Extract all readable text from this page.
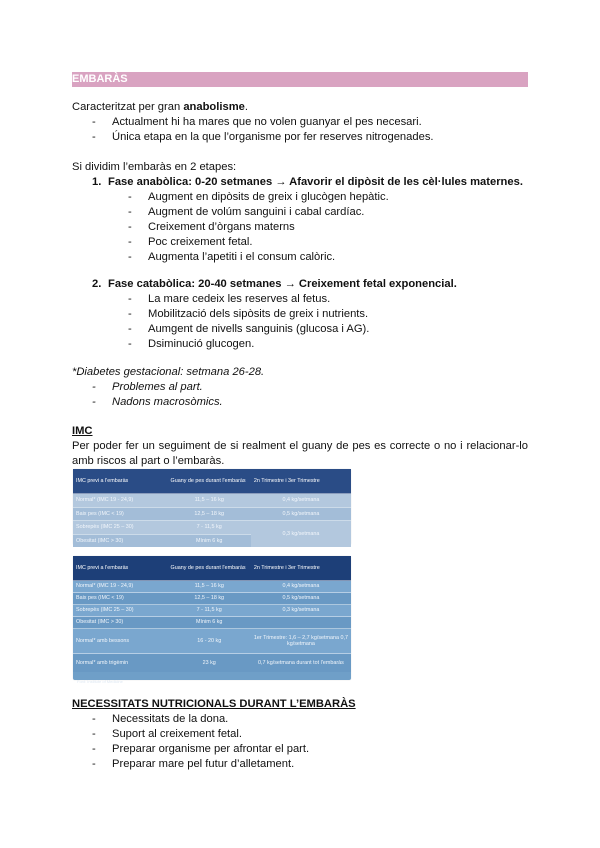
EMBARÀS
Caracteritzat per gran anabolisme.
- Actualment hi ha mares que no volen guanyar el pes necesari.
- Única etapa en la que l’organisme por fer reserves nitrogenades.
Si dividim l’embaràs en 2 etapes:
1. Fase anabòlica: 0-20 setmanes → Afavorir el dipòsit de les cèl·lules maternes.
- Augment en dipòsits de greix i glucògen hepàtic.
- Augment de volúm sanguini i cabal cardíac.
- Creixement d’òrgans materns
- Poc creixement fetal.
- Augmenta l’apetiti i el consum calòric.
2. Fase catabòlica: 20-40 setmanes → Creixement fetal exponencial.
- La mare cedeix les reserves al fetus.
- Mobilització dels sipòsits de greix i nutrients.
- Aumgent de nivells sanguinis (glucosa i AG).
- Dsiminució glucogen.
*Diabetes gestacional: setmana 26-28.
- Problemes al part.
- Nadons macrosòmics.
IMC
Per poder fer un seguiment de si realment el guany de pes es correcte o no i relacionar-lo amb riscos al part o l’embaràs.
IMC previ a l'embaràs	Guany de pes durant l'embaràs	2n Trimestre i 3er Trimestre
Normal* (IMC 19 - 24,9)	11,5 – 16 kg	0,4 kg/setmana
Baix pes (IMC < 19)	12,5 – 18 kg	0,5 kg/setmana
Sobrepès (IMC 25 – 30)	7 - 11,5 kg	0,3 kg/setmana
Obesitat (IMC > 30)	Mínim 6 kg	
IMC previ a l'embaràs	Guany de pes durant l'embaràs	2n Trimestre i 3er Trimestre
Normal* (IMC 19 - 24,9)	11,5 – 16 kg	0,4 kg/setmana
Baix pes (IMC < 19)	12,5 – 18 kg	0,5 kg/setmana
Sobrepès (IMC 25 – 30)	7 - 11,5 kg	0,3 kg/setmana
Obesitat (IMC > 30)	Mínim 6 kg	
Normal* amb bessons	16 - 20 kg	1er Trimestre: 1,6 – 2,7 kg/setmana 0,7 kg/setmana
Normal* amb trigèmin	23 kg	0,7 kg/setmana durant tot l'embaràs
Font: Institute of Medicine
NECESSITATS NUTRICIONALS DURANT L’EMBARÀS
- Necessitats de la dona.
- Suport al creixement fetal.
- Preparar organisme per afrontar el part.
- Preparar mare pel futur d’alletament.
